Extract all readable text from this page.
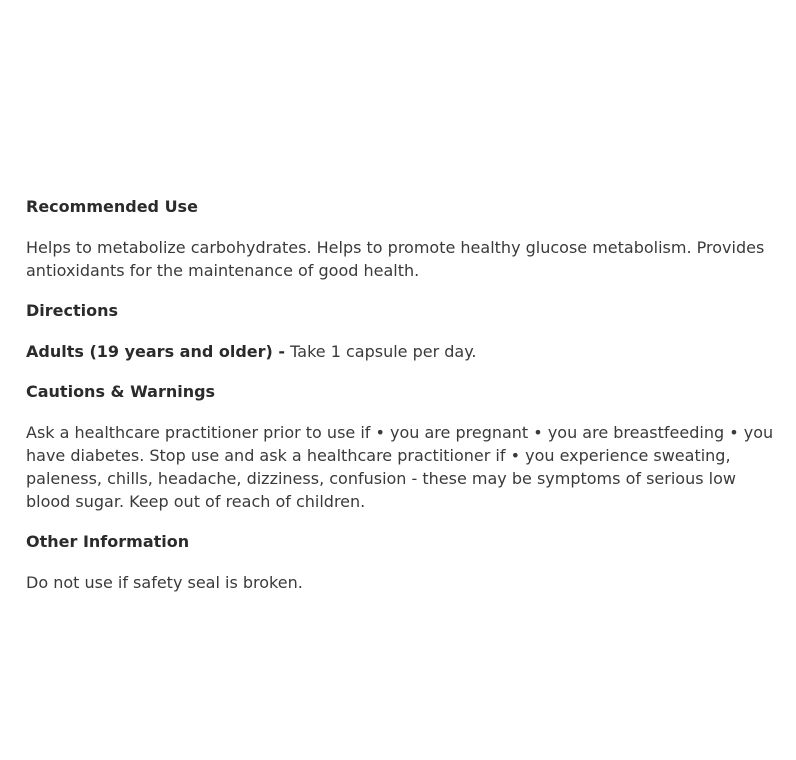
Recommended Use
Helps to metabolize carbohydrates. Helps to promote healthy glucose metabolism. Provides antioxidants for the maintenance of good health.
Directions
Adults (19 years and older) - Take 1 capsule per day.
Cautions & Warnings
Ask a healthcare practitioner prior to use if • you are pregnant • you are breastfeeding • you have diabetes. Stop use and ask a healthcare practitioner if • you experience sweating, paleness, chills, headache, dizziness, confusion - these may be symptoms of serious low blood sugar. Keep out of reach of children.
Other Information
Do not use if safety seal is broken.
